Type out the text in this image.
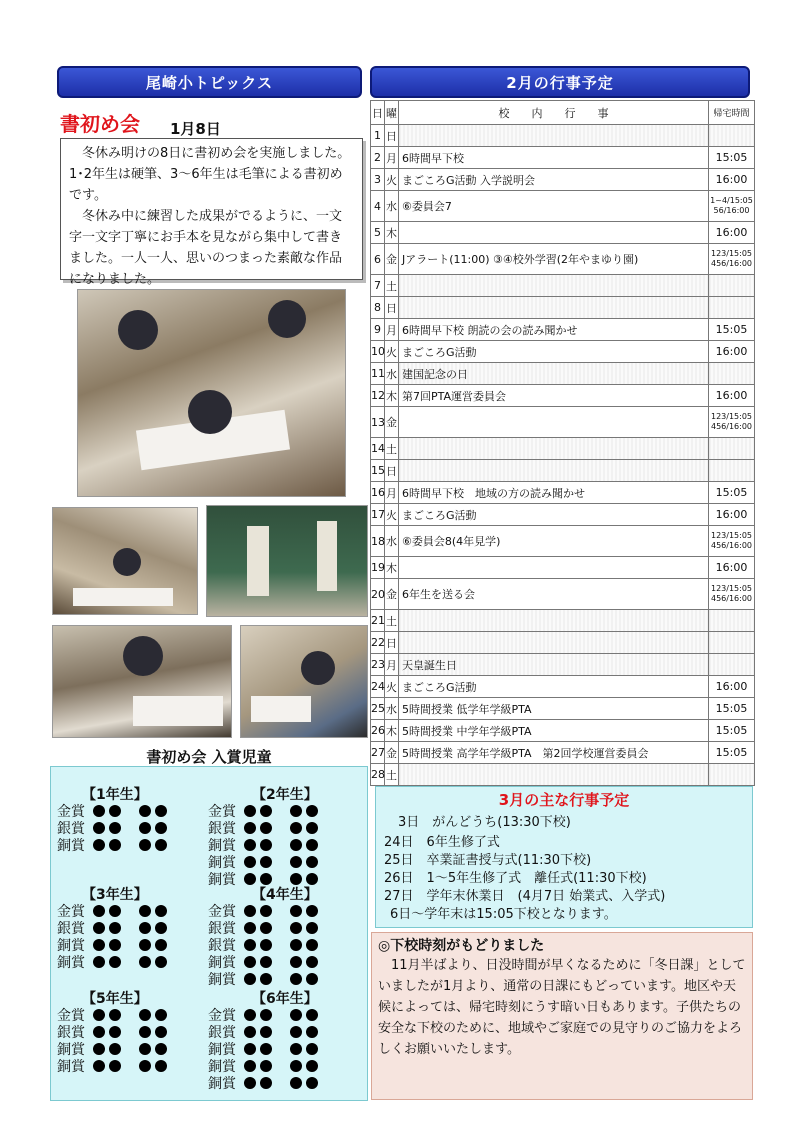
尾崎小トピックス	2月の行事予定
書初め会 1月8日

冬休み明けの8日に書初め会を実施しました。1･2年生は硬筆、3～6年生は毛筆による書初めです。

冬休み中に練習した成果がでるように、一文字一文字丁寧にお手本を見ながら集中して書きました。一人一人、思いのつまった素敵な作品になりました。

書初め会 入賞児童
【1年生】
金賞
銀賞
銅賞
【2年生】
金賞
銀賞
銅賞
銅賞
銅賞
【3年生】
金賞
銀賞
銅賞
銅賞
【4年生】
金賞
銀賞
銀賞
銅賞
銅賞
【5年生】
金賞
銀賞
銅賞
銅賞
【6年生】
金賞
銀賞
銅賞
銅賞
銅賞
日	曜	校　　内　　行　　事	帰宅時間
1	日		
2	月	6時間早下校	15:05
3	火	まごころG活動 入学説明会	16:00
4	水	⑥委員会7	1~4/15:05
56/16:00

5	木		16:00
6	金	Jアラート(11:00) ③④校外学習(2年やまゆり園)	123/15:05
456/16:00

7	土		
8	日		
9	月	6時間早下校 朗読の会の読み聞かせ	15:05
10	火	まごころG活動	16:00
11	水	建国記念の日	
12	木	第7回PTA運営委員会	16:00
13	金		123/15:05
456/16:00

14	土		
15	日		
16	月	6時間早下校　地域の方の読み聞かせ	15:05
17	火	まごころG活動	16:00
18	水	⑥委員会8(4年見学)	123/15:05
456/16:00

19	木		16:00
20	金	6年生を送る会	123/15:05
456/16:00

21	土		
22	日		
23	月	天皇誕生日	
24	火	まごころG活動	16:00
25	水	5時間授業 低学年学級PTA	15:05
26	木	5時間授業 中学年学級PTA	15:05
27	金	5時間授業 高学年学級PTA　第2回学校運営委員会	15:05
28	土		
3月の主な行事予定
3日　がんどうち(13:30下校)
24日　6年生修了式
25日　卒業証書授与式(11:30下校)
26日　1～5年生修了式　離任式(11:30下校)
27日　学年末休業日　(4月7日 始業式、入学式)
6日～学年末は15:05下校となります。
◎下校時刻がもどりました

11月半ばより、日没時間が早くなるために「冬日課」としていましたが1月より、通常の日課にもどっています。地区や天候によっては、帰宅時刻にうす暗い日もあります。子供たちの安全な下校のために、地域やご家庭での見守りのご協力をよろしくお願いいたします。
